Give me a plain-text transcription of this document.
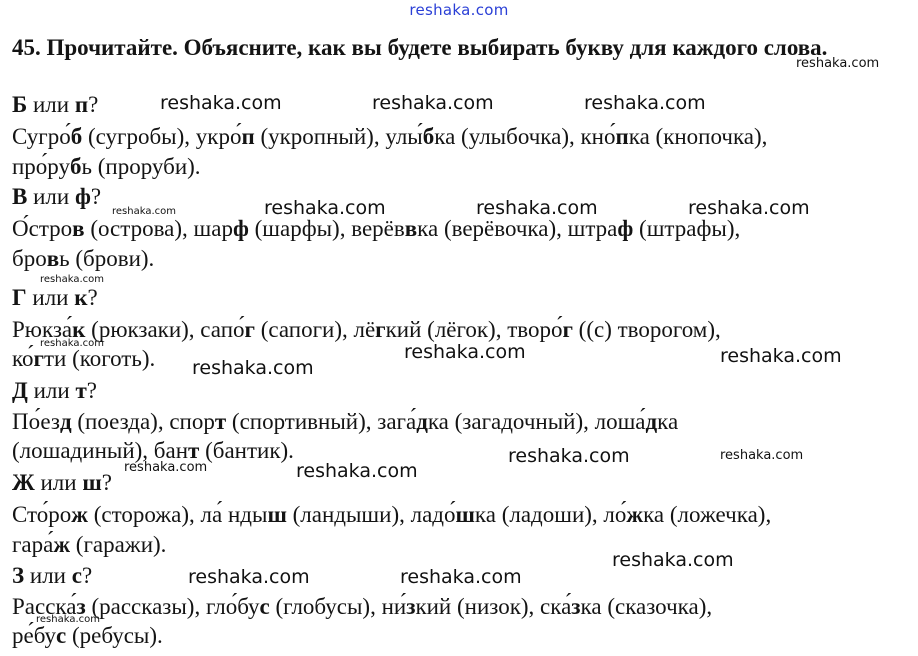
reshaka.com
45. Прочитайте. Объясните, как вы будете выбирать букву для каждого слова.
Б или п?
Сугро́б (сугробы), укро́п (укропный), улы́бка (улыбочка), кно́пка (кнопочка),
про́рубь (проруби).
В или ф?
О́стров (острова), шарф (шарфы), верёввка (верёвочка), штраф (штрафы),
бровь (брови).
Г или к?
Рюкза́к (рюкзаки), сапо́г (сапоги), лёгкий (лёгок), творо́г ((с) творогом),
ко́гти (коготь).
Д или т?
По́езд (поезда), спорт (спортивный), зага́дка (загадочный), лоша́дка
(лошадиный), бант (бантик).
Ж или ш?
Сто́рож (сторожа), ла́ ндыш (ландыши), ладо́шка (ладоши), ло́жка (ложечка),
гара́ж (гаражи).
З или с?
Расска́з (рассказы), гло́бус (глобусы), ни́зкий (низок), ска́зка (сказочка),
ре́бус (ребусы).
reshaka.com	reshaka.com	reshaka.com
reshaka.com	reshaka.com	reshaka.com
reshaka.com	reshaka.com
reshaka.com
reshaka.com
reshaka.com
reshaka.com
reshaka.com	reshaka.com
reshaka.com
reshaka.com
reshaka.com
reshaka.com
reshaka.com
reshaka.com
reshaka.com
